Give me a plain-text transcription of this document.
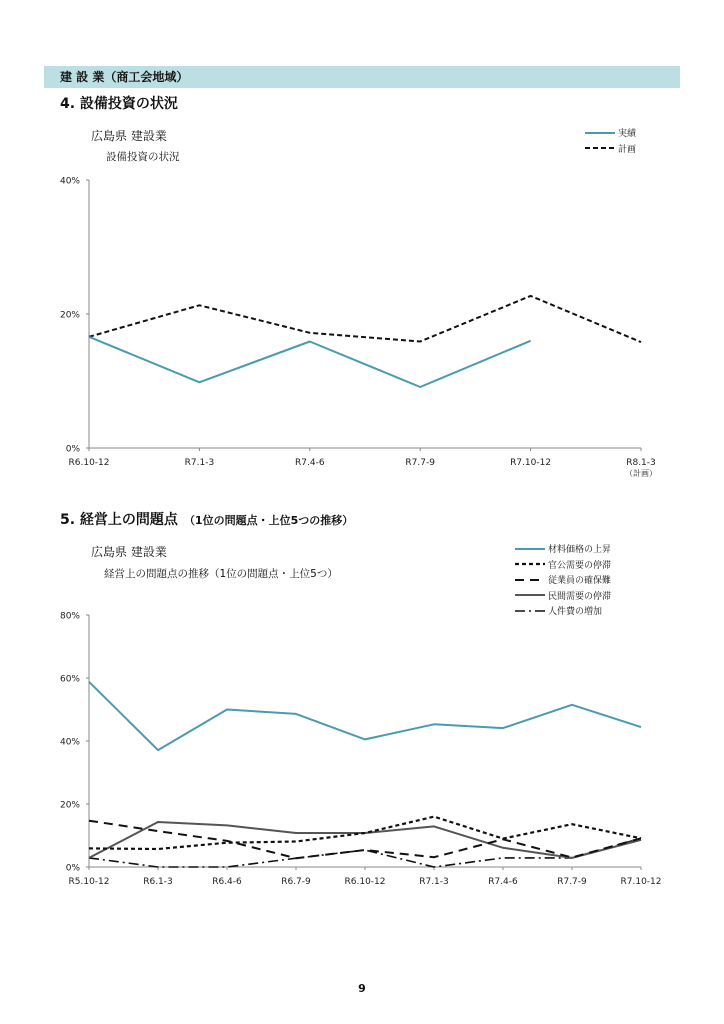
建 設 業（商工会地域）
4. 設備投資の状況
広島県 建設業
設備投資の状況
実績
計画
5. 経営上の問題点 （1位の問題点・上位5つの推移）
広島県 建設業
経営上の問題点の推移（1位の問題点・上位5つ）
材料価格の上昇
官公需要の停滞
従業員の確保難
民間需要の停滞
人件費の増加
0%
20%
40%
R6.10-12	R7.1-3	R7.4-6	R7.7-9	R7.10-12	R8.1-3
（計画）
0%
20%
40%
60%
80%
R5.10-12	R6.1-3	R6.4-6	R6.7-9	R6.10-12	R7.1-3	R7.4-6	R7.7-9	R7.10-12
9
